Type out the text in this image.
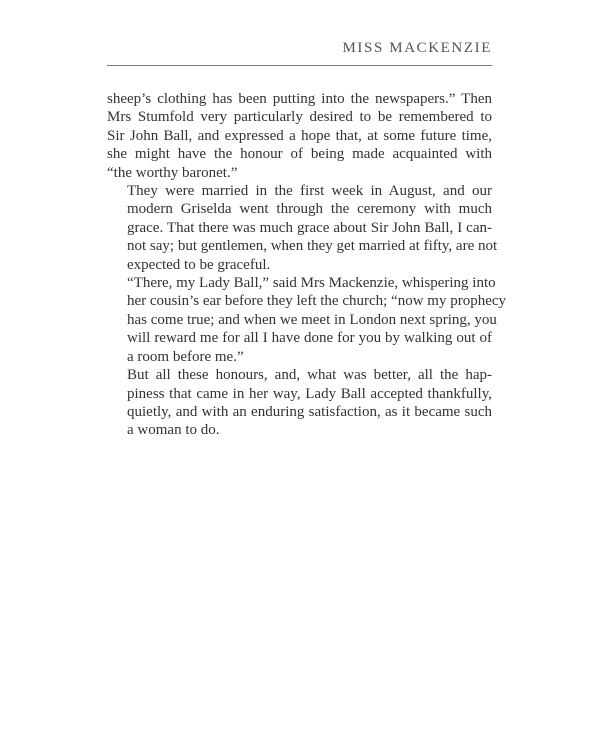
MISS MACKENZIE

sheep’s clothing has been putting into the newspapers.” Then
Mrs Stumfold very particularly desired to be remembered to
Sir John Ball, and expressed a hope that, at some future time,
she might have the honour of being made acquainted with
“the worthy baronet.”

They were married in the first week in August, and our
modern Griselda went through the ceremony with much
grace. That there was much grace about Sir John Ball, I can-
not say; but gentlemen, when they get married at fifty, are not
expected to be graceful.

“There, my Lady Ball,” said Mrs Mackenzie, whispering into
her cousin’s ear before they left the church; “now my prophecy
has come true; and when we meet in London next spring, you
will reward me for all I have done for you by walking out of
a room before me.”

But all these honours, and, what was better, all the hap-
piness that came in her way, Lady Ball accepted thankfully,
quietly, and with an enduring satisfaction, as it became such
a woman to do.
